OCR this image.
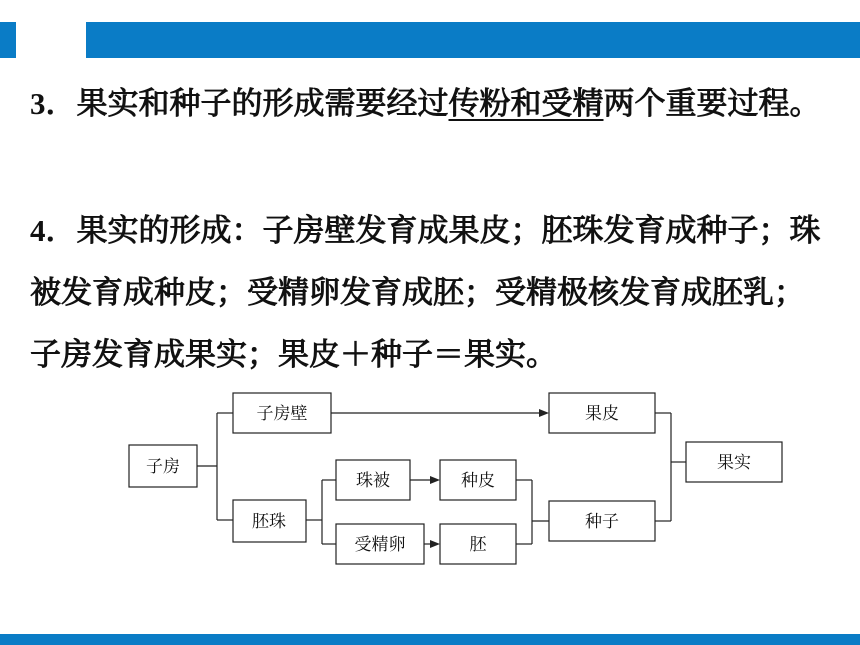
3．果实和种子的形成需要经过传粉和受精两个重要过程。

4．果实的形成：子房壁发育成果皮；胚珠发育成种子；珠被发育成种皮；受精卵发育成胚；受精极核发育成胚乳；子房发育成果实；果皮＋种子＝果实。

子房
子房壁
胚珠
珠被
受精卵
种皮
胚
果皮
种子
果实
